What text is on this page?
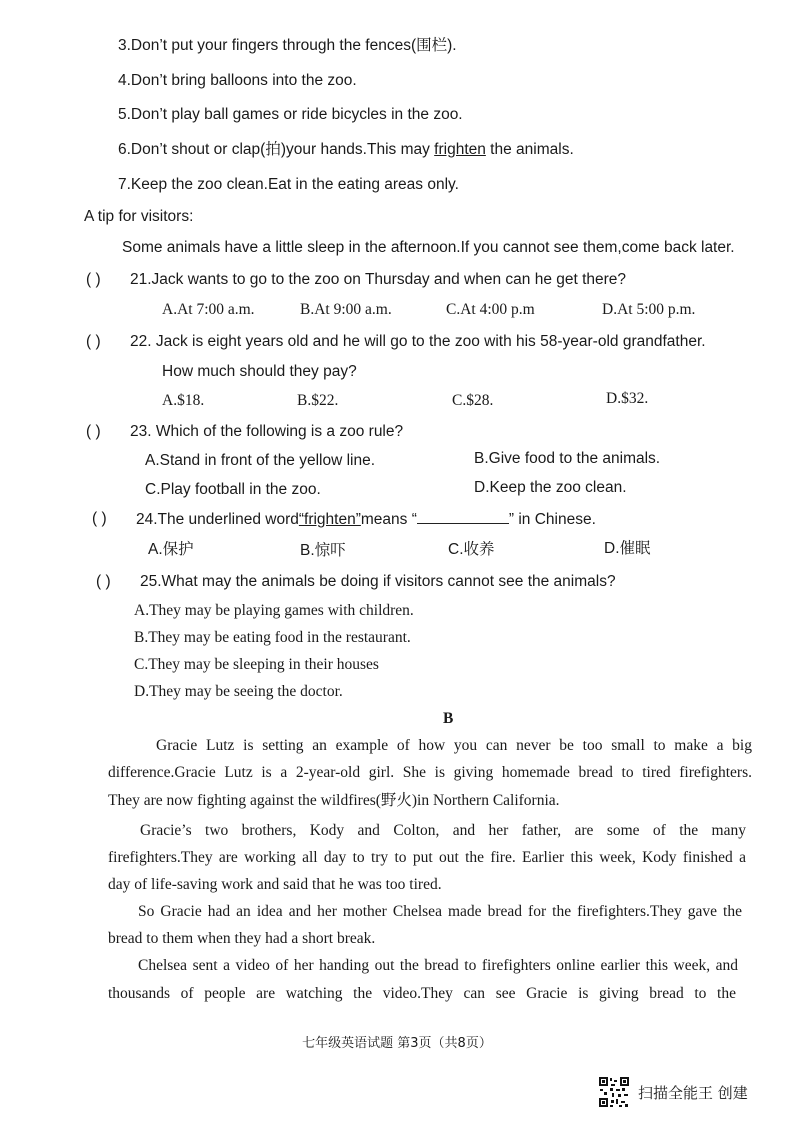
3.Don’t put your fingers through the fences(围栏).
4.Don’t bring balloons into the zoo.
5.Don’t play ball games or ride bicycles in the zoo.
6.Don’t shout or clap(拍)your hands.This may frighten the animals.
7.Keep the zoo clean.Eat in the eating areas only.
A tip for visitors:
Some animals have a little sleep in the afternoon.If you cannot see them,come back later.
( ) 21.Jack wants to go to the zoo on Thursday and when can he get there?
A.At 7:00 a.m.	B.At 9:00 a.m.	C.At 4:00 p.m	D.At 5:00 p.m.
( ) 22. Jack is eight years old and he will go to the zoo with his 58-year-old grandfather.
How much should they pay?
A.$18.	B.$22.	C.$28.	D.$32.
( ) 23. Which of the following is a zoo rule?
A.Stand in front of the yellow line.	B.Give food to the animals.
C.Play football in the zoo.	D.Keep the zoo clean.
( ) 24.The underlined word“frighten”means “	” in Chinese.
A.保护	B.惊吓	C.收养	D.催眠
( ) 25.What may the animals be doing if visitors cannot see the animals?
A.They may be playing games with children.
B.They may be eating food in the restaurant.
C.They may be sleeping in their houses
D.They may be seeing the doctor.
B
Gracie Lutz is setting an example of how you can never be too small to make a big
difference.Gracie Lutz is a 2-year-old girl. She is giving homemade bread to tired firefighters.
They are now fighting against the wildfires(野火)in Northern California.
Gracie’s two brothers, Kody and Colton, and her father, are some of the many
firefighters.They are working all day to try to put out the fire. Earlier this week, Kody finished a
day of life-saving work and said that he was too tired.
So Gracie had an idea and her mother Chelsea made bread for the firefighters.They gave the
bread to them when they had a short break.
Chelsea sent a video of her handing out the bread to firefighters online earlier this week, and
thousands of people are watching the video.They can see Gracie is giving bread to the
七年级英语试题 第3页（共8页）
扫描全能王 创建
